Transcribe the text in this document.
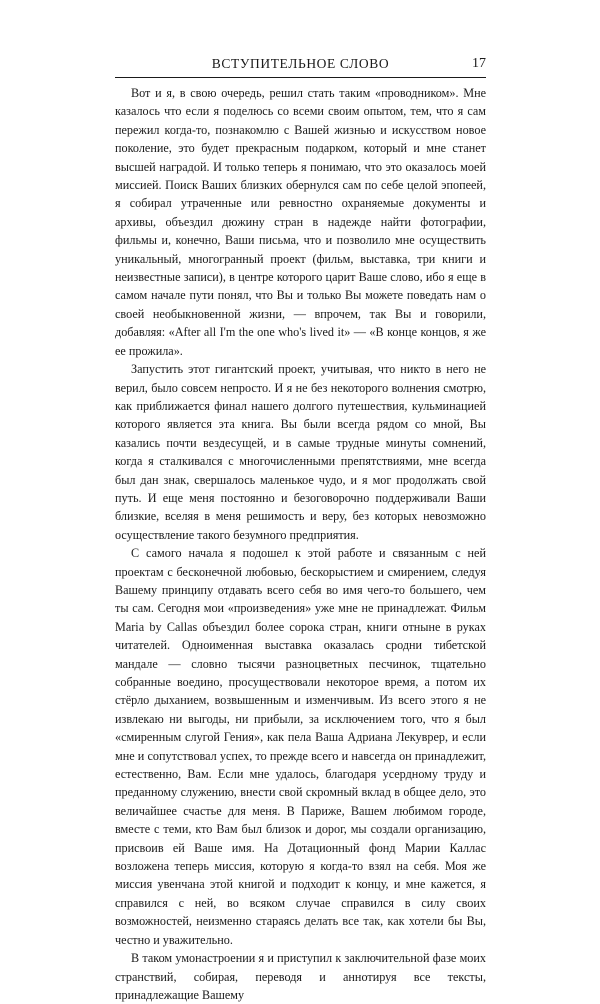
ВСТУПИТЕЛЬНОЕ СЛОВО	17

Вот и я, в свою очередь, решил стать таким «проводником». Мне казалось что если я поделюсь со всеми своим опытом, тем, что я сам пережил когда-то, познакомлю с Вашей жизнью и искусством новое поколение, это будет прекрасным подарком, который и мне станет высшей наградой. И только теперь я понимаю, что это оказалось моей миссией. Поиск Ваших близких обернулся сам по себе целой эпопеей, я собирал утраченные или ревностно охраняемые документы и архивы, объездил дюжину стран в надежде найти фотографии, фильмы и, конечно, Ваши письма, что и позволило мне осуществить уникальный, многогранный проект (фильм, выставка, три книги и неизвестные записи), в центре которого царит Ваше слово, ибо я еще в самом начале пути понял, что Вы и только Вы можете поведать нам о своей необыкновенной жизни, — впрочем, так Вы и говорили, добавляя: «After all I'm the one who's lived it» — «В конце концов, я же ее прожила».

Запустить этот гигантский проект, учитывая, что никто в него не верил, было совсем непросто. И я не без некоторого волнения смотрю, как приближается финал нашего долгого путешествия, кульминацией которого является эта книга. Вы были всегда рядом со мной, Вы казались почти вездесущей, и в самые трудные минуты сомнений, когда я сталкивался с многочисленными препятствиями, мне всегда был дан знак, свершалось маленькое чудо, и я мог продолжать свой путь. И еще меня постоянно и безоговорочно поддерживали Ваши близкие, вселяя в меня решимость и веру, без которых невозможно осуществление такого безумного предприятия.

С самого начала я подошел к этой работе и связанным с ней проектам с бесконечной любовью, бескорыстием и смирением, следуя Вашему принципу отдавать всего себя во имя чего-то большего, чем ты сам. Сегодня мои «произведения» уже мне не принадлежат. Фильм Maria by Callas объездил более сорока стран, книги отныне в руках читателей. Одноименная выставка оказалась сродни тибетской мандале — словно тысячи разноцветных песчинок, тщательно собранные воедино, просуществовали некоторое время, а потом их стёрло дыханием, возвышенным и изменчивым. Из всего этого я не извлекаю ни выгоды, ни прибыли, за исключением того, что я был «смиренным слугой Гения», как пела Ваша Адриана Лекуврер, и если мне и сопутствовал успех, то прежде всего и навсегда он принадлежит, естественно, Вам. Если мне удалось, благодаря усердному труду и преданному служению, внести свой скромный вклад в общее дело, это величайшее счастье для меня. В Париже, Вашем любимом городе, вместе с теми, кто Вам был близок и дорог, мы создали организацию, присвоив ей Ваше имя. На Дотационный фонд Марии Каллас возложена теперь миссия, которую я когда-то взял на себя. Моя же миссия увенчана этой книгой и подходит к концу, и мне кажется, я справился с ней, во всяком случае справился в силу своих возможностей, неизменно стараясь делать все так, как хотели бы Вы, честно и уважительно.

В таком умонастроении я и приступил к заключительной фазе моих странствий, собирая, переводя и аннотируя все тексты, принадлежащие Вашему
